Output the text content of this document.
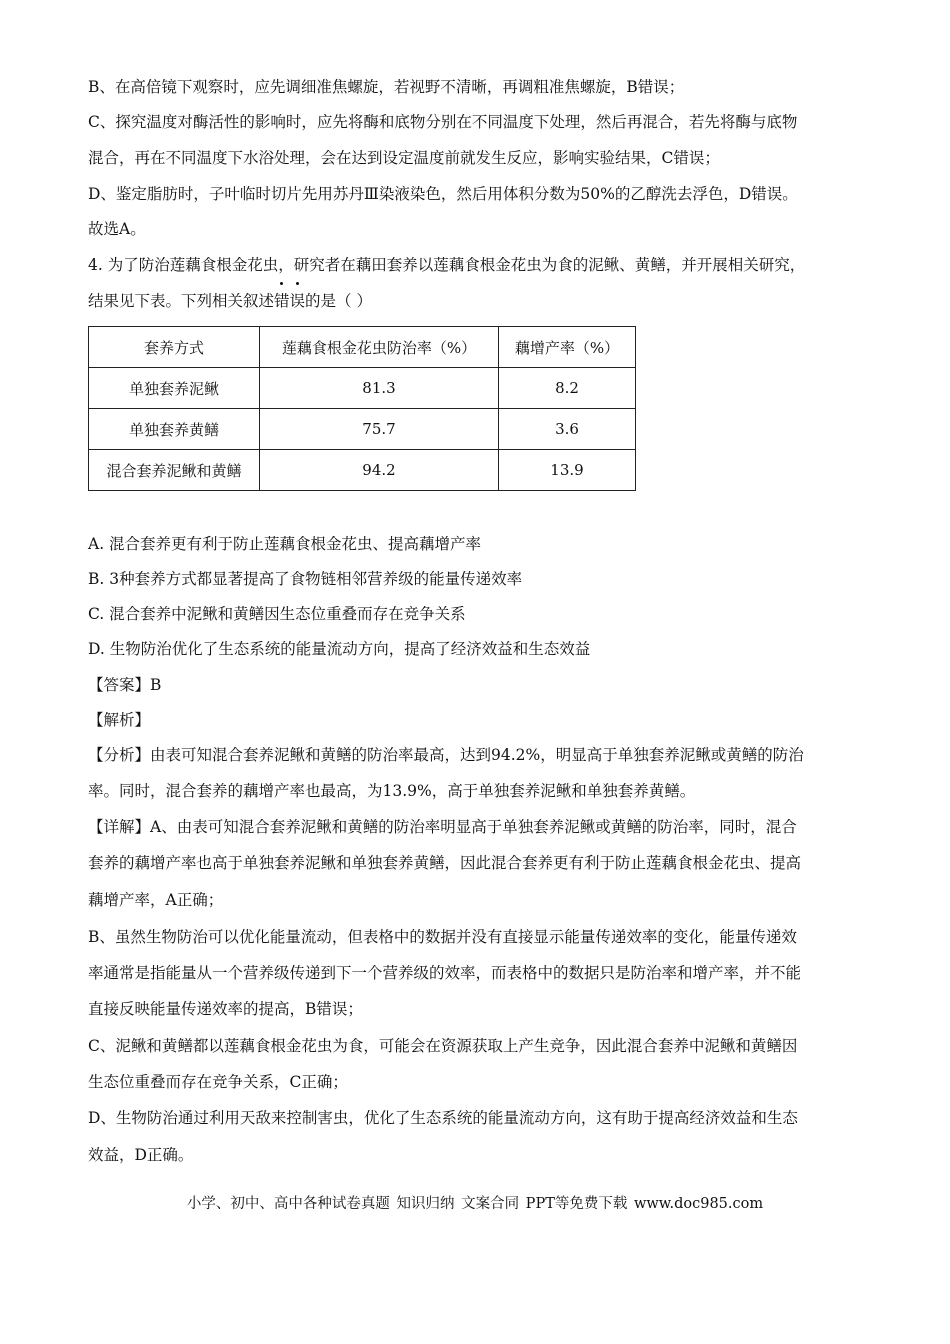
B、在高倍镜下观察时，应先调细准焦螺旋，若视野不清晰，再调粗准焦螺旋，B错误；
C、探究温度对酶活性的影响时，应先将酶和底物分别在不同温度下处理，然后再混合，若先将酶与底物
混合，再在不同温度下水浴处理，会在达到设定温度前就发生反应，影响实验结果，C错误；
D、鉴定脂肪时，子叶临时切片先用苏丹Ⅲ染液染色，然后用体积分数为50%的乙醇洗去浮色，D错误。
故选A。
4. 为了防治莲藕食根金花虫，研究者在藕田套养以莲藕食根金花虫为食的泥鳅、黄鳝，并开展相关研究，
结果见下表。下列相关叙述
错误的是（ ）
套养方式	莲藕食根金花虫防治率（%）	藕增产率（%）
单独套养泥鳅	81.3	8.2
单独套养黄鳝	75.7	3.6
混合套养泥鳅和黄鳝	94.2	13.9
A. 混合套养更有利于防止莲藕食根金花虫、提高藕增产率
B. 3种套养方式都显著提高了食物链相邻营养级的能量传递效率
C. 混合套养中泥鳅和黄鳝因生态位重叠而存在竞争关系
D. 生物防治优化了生态系统的能量流动方向，提高了经济效益和生态效益
【答案】B
【解析】
【分析】由表可知混合套养泥鳅和黄鳝的防治率最高，达到94.2%，明显高于单独套养泥鳅或黄鳝的防治
率。同时，混合套养的藕增产率也最高，为13.9%，高于单独套养泥鳅和单独套养黄鳝。
【详解】A、由表可知混合套养泥鳅和黄鳝的防治率明显高于单独套养泥鳅或黄鳝的防治率，同时，混合
套养的藕增产率也高于单独套养泥鳅和单独套养黄鳝，因此混合套养更有利于防止莲藕食根金花虫、提高
藕增产率，A正确；
B、虽然生物防治可以优化能量流动，但表格中的数据并没有直接显示能量传递效率的变化，能量传递效
率通常是指能量从一个营养级传递到下一个营养级的效率，而表格中的数据只是防治率和增产率，并不能
直接反映能量传递效率的提高，B错误；
C、泥鳅和黄鳝都以莲藕食根金花虫为食，可能会在资源获取上产生竞争，因此混合套养中泥鳅和黄鳝因
生态位重叠而存在竞争关系，C正确；
D、生物防治通过利用天敌来控制害虫，优化了生态系统的能量流动方向，这有助于提高经济效益和生态
效益，D正确。
小学、初中、高中各种试卷真题 知识归纳 文案合同 PPT等免费下载 www.doc985.com
